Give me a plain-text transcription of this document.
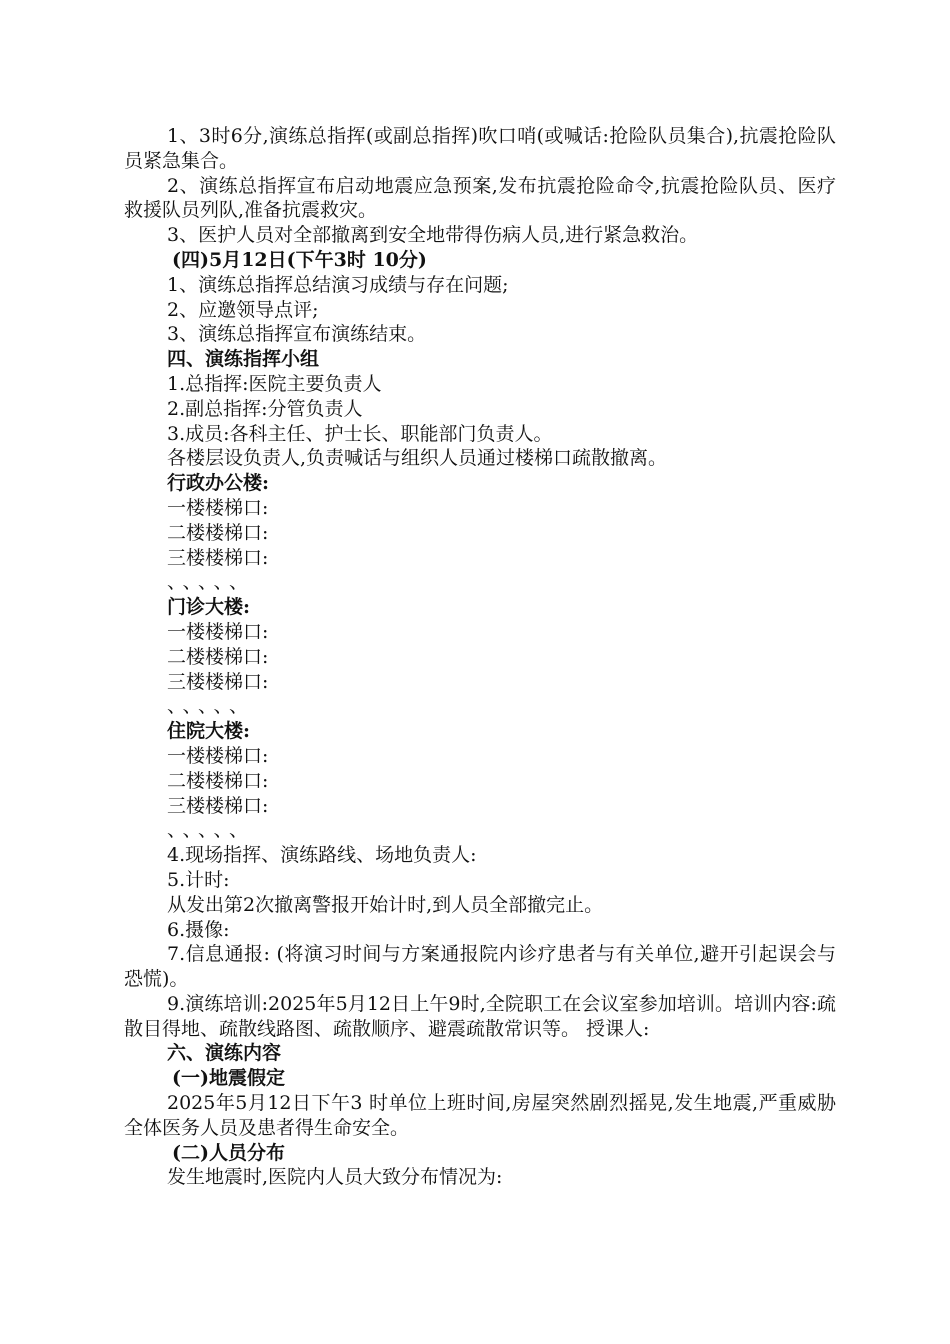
1、3时6分,演练总指挥(或副总指挥)吹口哨(或喊话:抢险队员集合),抗震抢险队员紧急集合。
2、演练总指挥宣布启动地震应急预案,发布抗震抢险命令,抗震抢险队员、医疗救援队员列队,准备抗震救灾。
3、医护人员对全部撤离到安全地带得伤病人员,进行紧急救治。
(四)5月12日(下午3时 10分)
1、演练总指挥总结演习成绩与存在问题;
2、应邀领导点评;
3、演练总指挥宣布演练结束。
四、演练指挥小组
1.总指挥:医院主要负责人
2.副总指挥:分管负责人
3.成员:各科主任、护士长、职能部门负责人。
各楼层设负责人,负责喊话与组织人员通过楼梯口疏散撤离。
行政办公楼:
一楼楼梯口:
二楼楼梯口:
三楼楼梯口:
、、、、、
门诊大楼:
一楼楼梯口:
二楼楼梯口:
三楼楼梯口:
、、、、、
住院大楼:
一楼楼梯口:
二楼楼梯口:
三楼楼梯口:
、、、、、
4.现场指挥、演练路线、场地负责人:
5.计时:
从发出第2次撤离警报开始计时,到人员全部撤完止。
6.摄像:
7.信息通报: (将演习时间与方案通报院内诊疗患者与有关单位,避开引起误会与恐慌)。
9.演练培训:2025年5月12日上午9时,全院职工在会议室参加培训。培训内容:疏散目得地、疏散线路图、疏散顺序、避震疏散常识等。 授课人:
六、演练内容
(一)地震假定
2025年5月12日下午3 时单位上班时间,房屋突然剧烈摇晃,发生地震,严重威胁全体医务人员及患者得生命安全。
(二)人员分布
发生地震时,医院内人员大致分布情况为:
